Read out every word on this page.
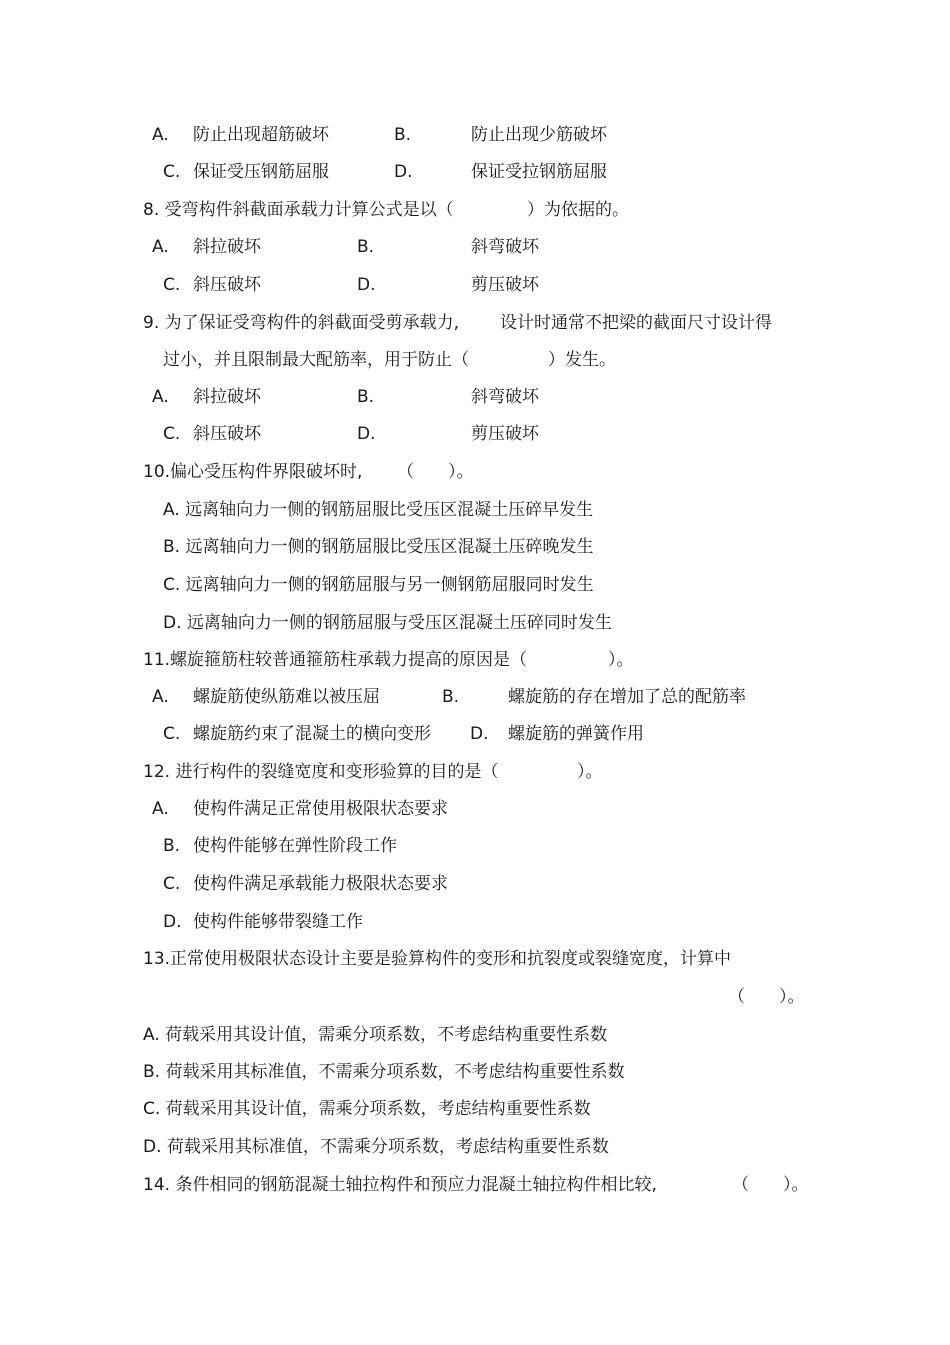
A. 防止出现超筋破坏	B.	防止出现少筋破坏
C. 保证受压钢筋屈服	D.	保证受拉钢筋屈服
8. 受弯构件斜截面承载力计算公式是以（	）为依据的。
A. 斜拉破坏	B.	斜弯破坏
C. 斜压破坏	D.	剪压破坏
9. 为了保证受弯构件的斜截面受剪承载力, 设计时通常不把梁的截面尺寸设计得
过小，并且限制最大配筋率，用于防止（	）发生。
A. 斜拉破坏	B.	斜弯破坏
C. 斜压破坏	D.	剪压破坏
10.偏心受压构件界限破坏时, （　　）。
A. 远离轴向力一侧的钢筋屈服比受压区混凝土压碎早发生
B. 远离轴向力一侧的钢筋屈服比受压区混凝土压碎晚发生
C. 远离轴向力一侧的钢筋屈服与另一侧钢筋屈服同时发生
D. 远离轴向力一侧的钢筋屈服与受压区混凝土压碎同时发生
11.螺旋箍筋柱较普通箍筋柱承载力提高的原因是（	）。
A. 螺旋筋使纵筋难以被压屈	B.	螺旋筋的存在增加了总的配筋率
C. 螺旋筋约束了混凝土的横向变形 D. 螺旋筋的弹簧作用
12. 进行构件的裂缝宽度和变形验算的目的是（	）。
A. 使构件满足正常使用极限状态要求
B. 使构件能够在弹性阶段工作
C. 使构件满足承载能力极限状态要求
D. 使构件能够带裂缝工作
13.正常使用极限状态设计主要是验算构件的变形和抗裂度或裂缝宽度，计算中
（　　）。
A. 荷载采用其设计值，需乘分项系数，不考虑结构重要性系数
B. 荷载采用其标准值，不需乘分项系数，不考虑结构重要性系数
C. 荷载采用其设计值，需乘分项系数，考虑结构重要性系数
D. 荷载采用其标准值，不需乘分项系数，考虑结构重要性系数
14. 条件相同的钢筋混凝土轴拉构件和预应力混凝土轴拉构件相比较,	（　　）。
